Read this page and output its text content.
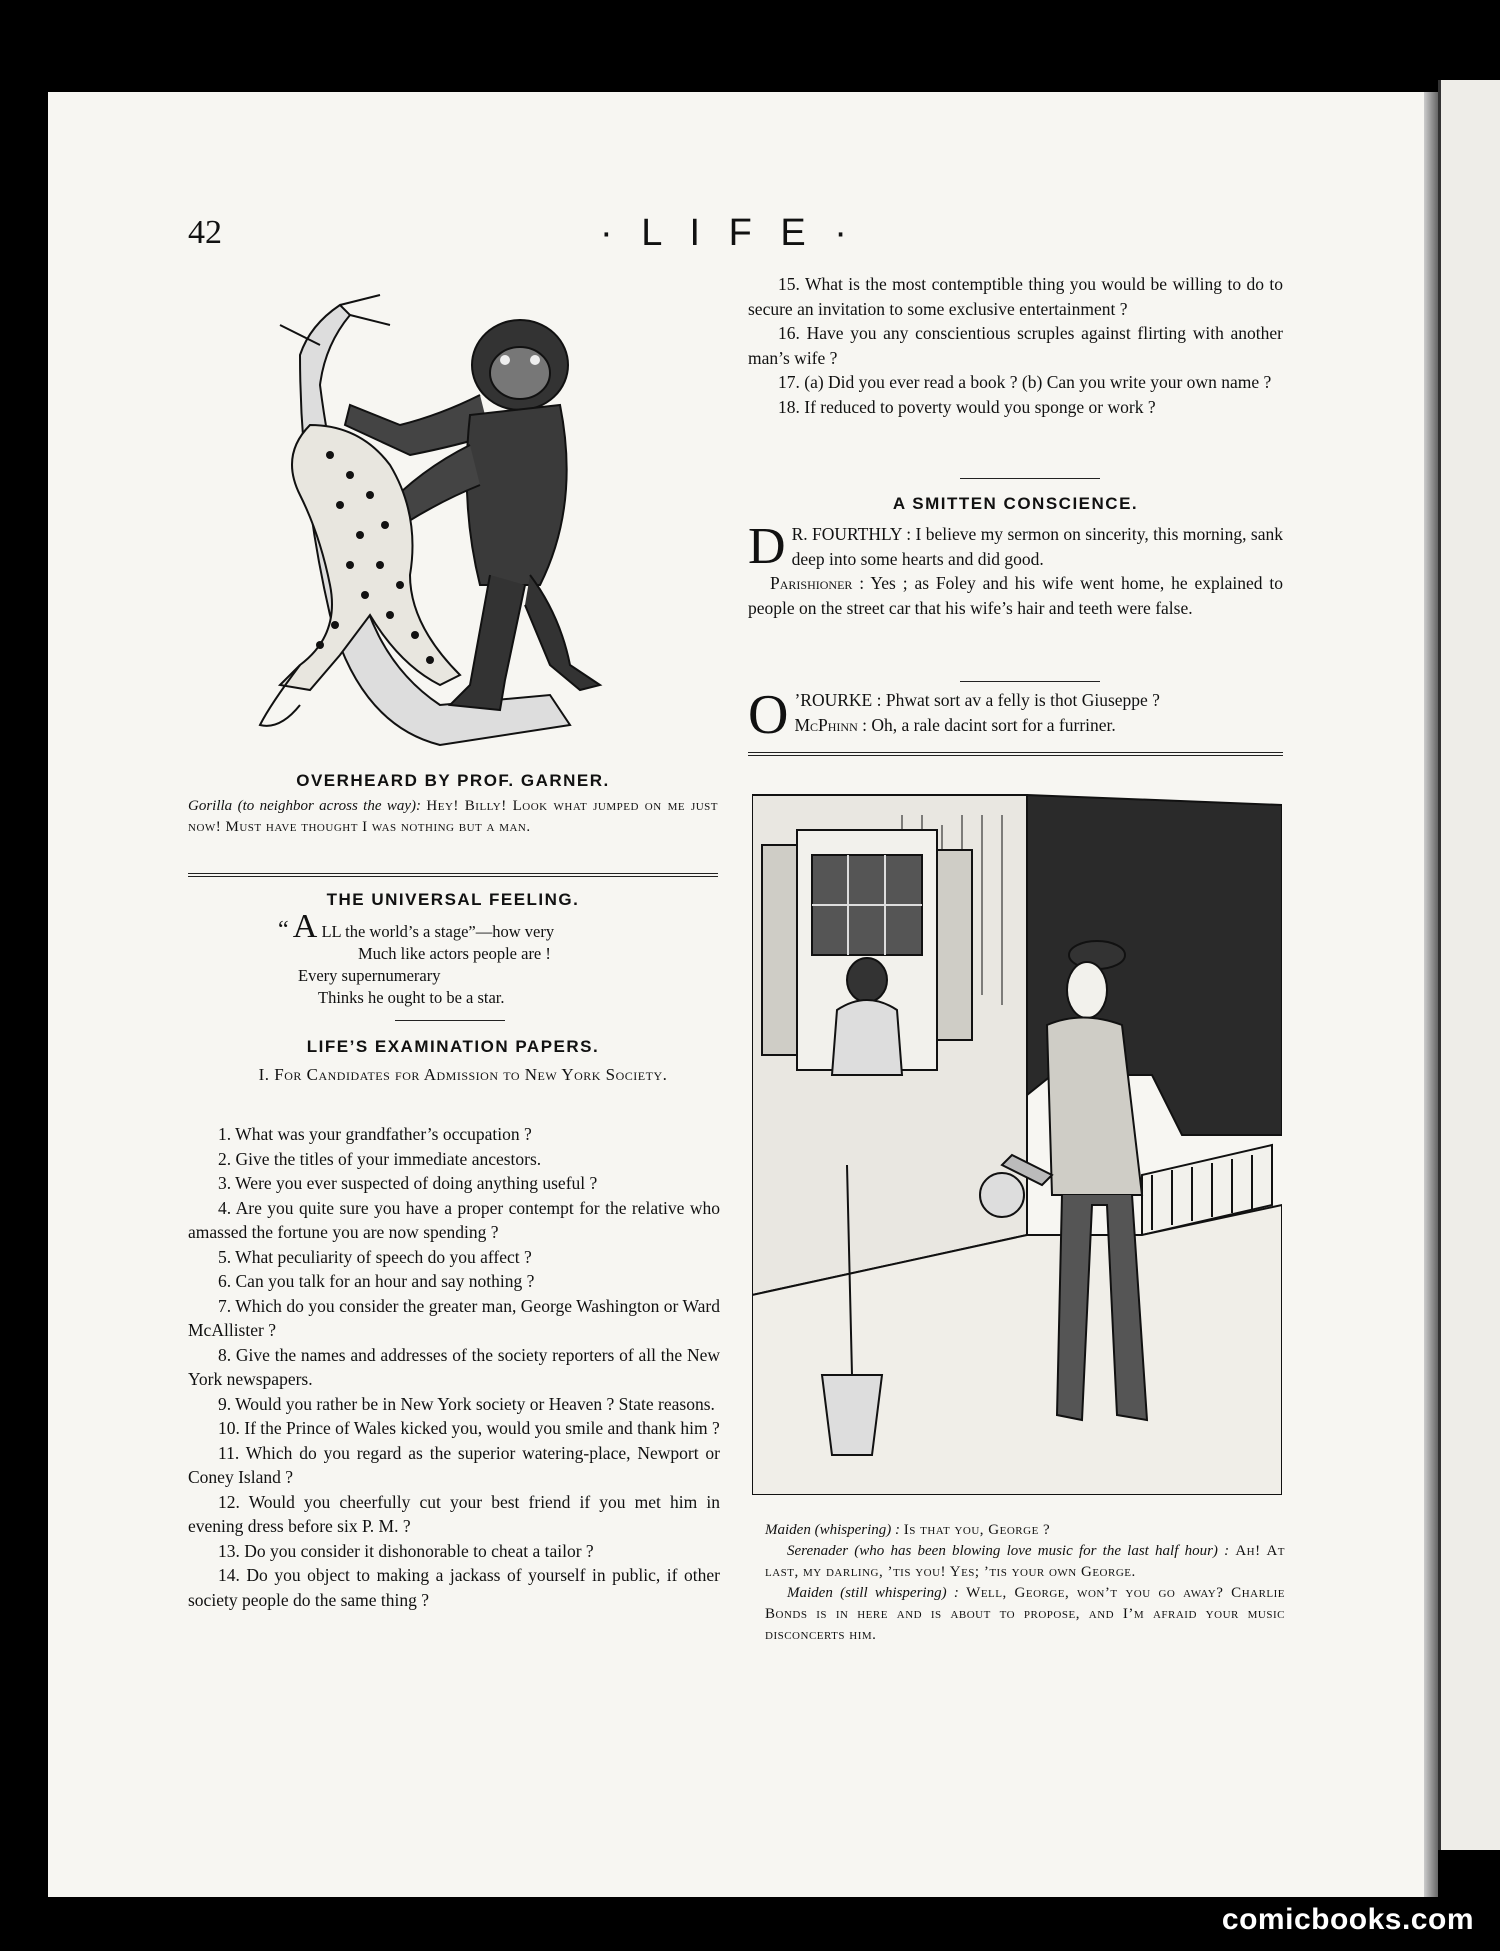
42	· L I F E ·
OVERHEARD BY PROF. GARNER.
Gorilla (to neighbor across the way): Hey! Billy! Look what jumped on me just now! Must have thought I was nothing but a man.
THE UNIVERSAL FEELING.
“ A LL the world’s a stage”—how very
Much like actors people are !
Every supernumerary
Thinks he ought to be a star.
LIFE’S EXAMINATION PAPERS.
I. For Candidates for Admission to New York Society.

1. What was your grandfather’s occupation ?

2. Give the titles of your immediate ancestors.

3. Were you ever suspected of doing anything useful ?

4. Are you quite sure you have a proper contempt for the relative who amassed the fortune you are now spending ?

5. What peculiarity of speech do you affect ?

6. Can you talk for an hour and say nothing ?

7. Which do you consider the greater man, George Washington or Ward McAllister ?

8. Give the names and addresses of the society reporters of all the New York newspapers.

9. Would you rather be in New York society or Heaven ? State reasons.

10. If the Prince of Wales kicked you, would you smile and thank him ?

11. Which do you regard as the superior watering-place, Newport or Coney Island ?

12. Would you cheerfully cut your best friend if you met him in evening dress before six P. M. ?

13. Do you consider it dishonorable to cheat a tailor ?

14. Do you object to making a jackass of yourself in public, if other society people do the same thing ?

15. What is the most contemptible thing you would be willing to do to secure an invitation to some exclusive entertainment ?

16. Have you any conscientious scruples against flirting with another man’s wife ?

17. (a) Did you ever read a book ? (b) Can you write your own name ?

18. If reduced to poverty would you sponge or work ?

A SMITTEN CONSCIENCE.

D R. FOURTHLY : I believe my sermon on sincerity, this morning, sank deep into some hearts and did good.

Parishioner : Yes ; as Foley and his wife went home, he explained to people on the street car that his wife’s hair and teeth were false.

O ’ROURKE : Phwat sort av a felly is thot Giuseppe ?
McPhinn : Oh, a rale dacint sort for a furriner.
Maiden (whispering) : Is that you, George ?
Serenader (who has been blowing love music for the last half hour) : Ah! At last, my darling, ’tis you! Yes; ’tis your own George.
Maiden (still whispering) : Well, George, won’t you go away? Charlie Bonds is in here and is about to propose, and I’m afraid your music disconcerts him.
comicbooks.com
